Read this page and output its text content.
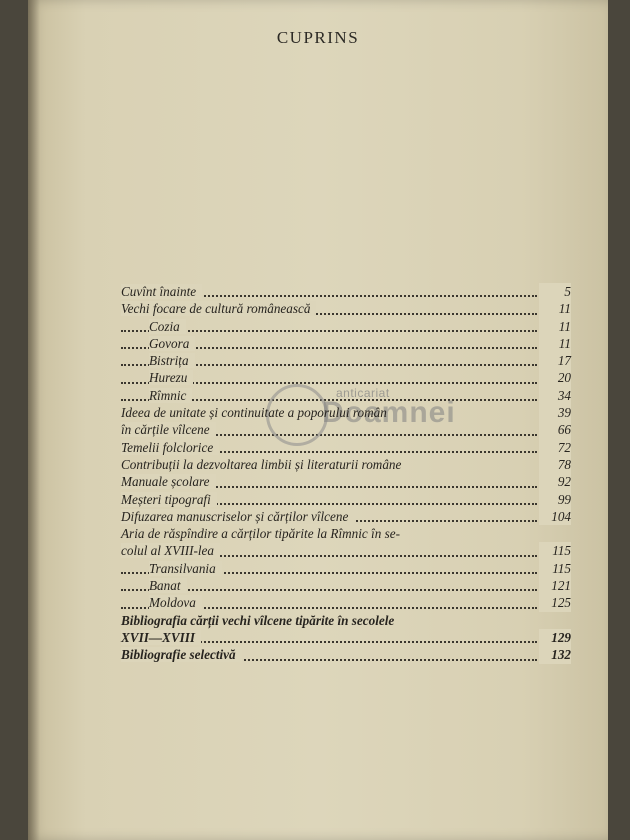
CUPRINS
Cuvînt înainte	5
Vechi focare de cultură românească	11
Cozia	11
Govora	11
Bistrița	17
Hurezu	20
Rîmnic	34
Ideea de unitate și continuitate a poporului român	39
în cărțile vîlcene	66
Temelii folclorice	72
Contribuții la dezvoltarea limbii și literaturii române	78
Manuale școlare	92
Meșteri tipografi	99
Difuzarea manuscriselor și cărților vîlcene	104
Aria de răspîndire a cărților tipărite la Rîmnic în se-
colul al XVIII-lea	115
Transilvania	115
Banat	121
Moldova	125
Bibliografia cărții vechi vîlcene tipărite în secolele
XVII—XVIII	129
Bibliografie selectivă	132
anticariat
Doamnei
